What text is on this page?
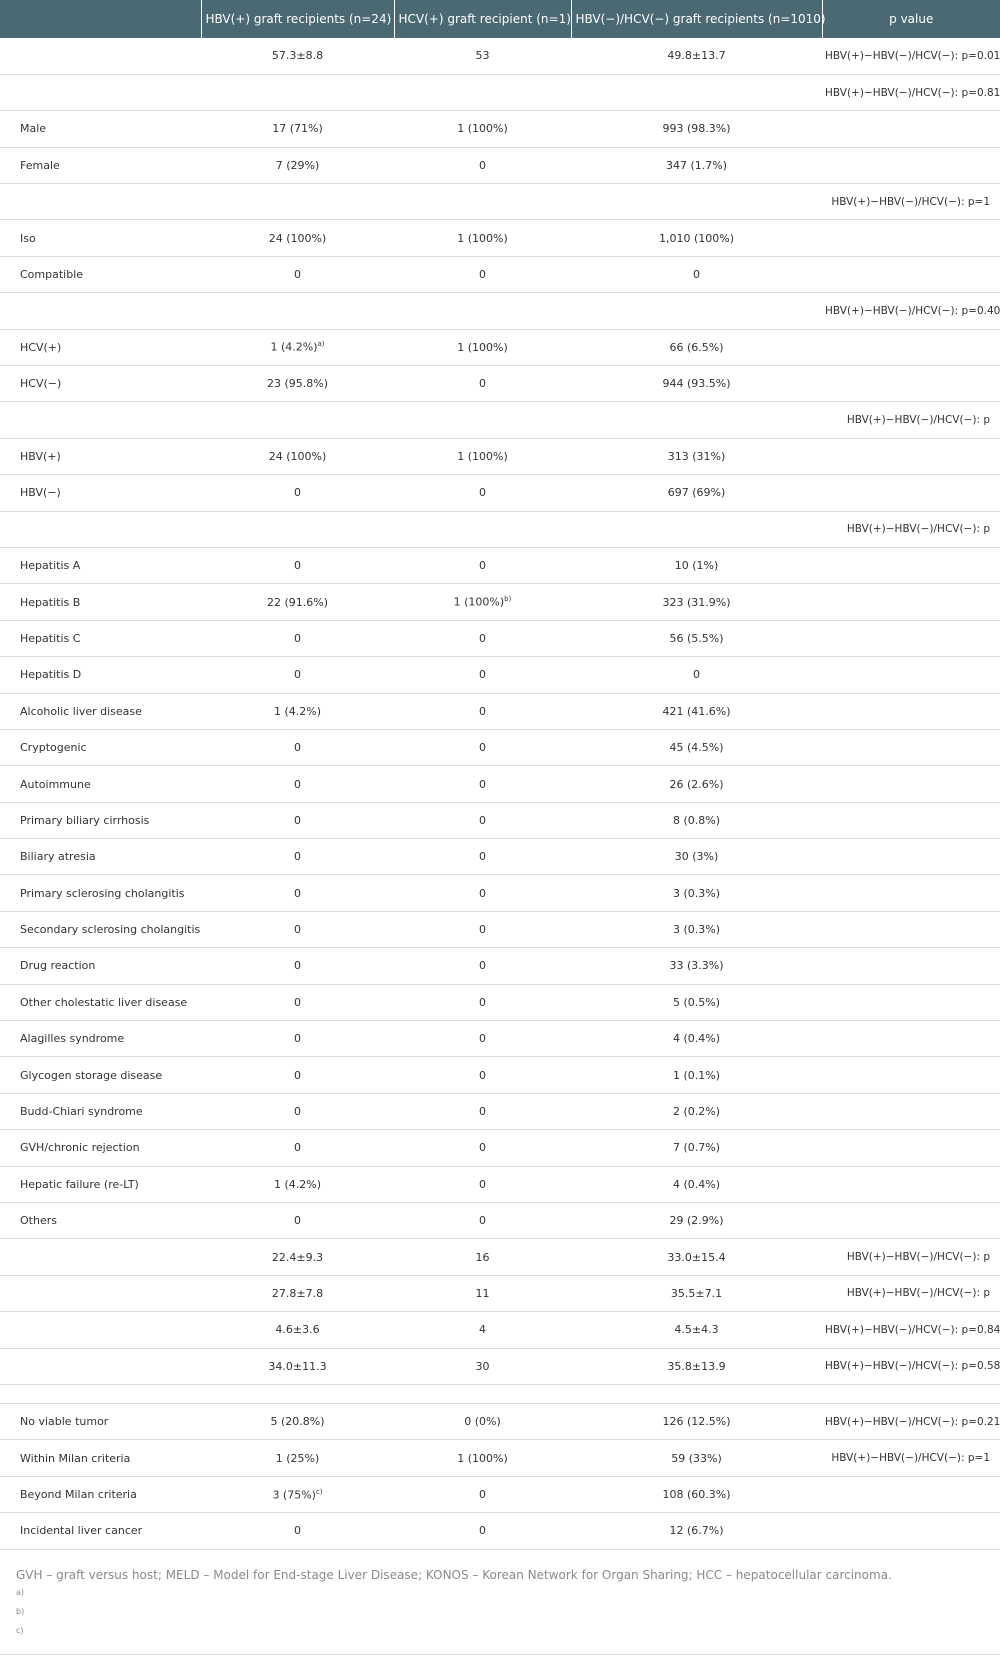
	HBV(+) graft recipients (n=24)	HCV(+) graft recipient (n=1)	HBV(−)/HCV(−) graft recipients (n=1010)	p value
	57.3±8.8	53	49.8±13.7	HBV(+)−HBV(−)/HCV(−): p=0.01
				HBV(+)−HBV(−)/HCV(−): p=0.81
Male	17 (71%)	1 (100%)	993 (98.3%)	
Female	7 (29%)	0	347 (1.7%)	
				HBV(+)−HBV(−)/HCV(−): p=1
Iso	24 (100%)	1 (100%)	1,010 (100%)	
Compatible	0	0	0	
				HBV(+)−HBV(−)/HCV(−): p=0.40
HCV(+)	1 $(4.2\%)^{a)}$	1 (100%)	66 (6.5%)	
HCV(−)	23 (95.8%)	0	944 (93.5%)	
				HBV(+)−HBV(−)/HCV(−): p
HBV(+)	24 (100%)	1 (100%)	313 (31%)	
HBV(−)	0	0	697 (69%)	
				HBV(+)−HBV(−)/HCV(−): p
Hepatitis A	0	0	10 (1%)	
Hepatitis B	22 (91.6%)	1 $(100\%)^{b)}$	323 (31.9%)	
Hepatitis C	0	0	56 (5.5%)	
Hepatitis D	0	0	0	
Alcoholic liver disease	1 (4.2%)	0	421 (41.6%)	
Cryptogenic	0	0	45 (4.5%)	
Autoimmune	0	0	26 (2.6%)	
Primary biliary cirrhosis	0	0	8 (0.8%)	
Biliary atresia	0	0	30 (3%)	
Primary sclerosing cholangitis	0	0	3 (0.3%)	
Secondary sclerosing cholangitis	0	0	3 (0.3%)	
Drug reaction	0	0	33 (3.3%)	
Other cholestatic liver disease	0	0	5 (0.5%)	
Alagilles syndrome	0	0	4 (0.4%)	
Glycogen storage disease	0	0	1 (0.1%)	
Budd-Chiari syndrome	0	0	2 (0.2%)	
GVH/chronic rejection	0	0	7 (0.7%)	
Hepatic failure (re-LT)	1 (4.2%)	0	4 (0.4%)	
Others	0	0	29 (2.9%)	
	22.4±9.3	16	33.0±15.4	HBV(+)−HBV(−)/HCV(−): p
	27.8±7.8	11	35.5±7.1	HBV(+)−HBV(−)/HCV(−): p
	4.6±3.6	4	4.5±4.3	HBV(+)−HBV(−)/HCV(−): p=0.84
	34.0±11.3	30	35.8±13.9	HBV(+)−HBV(−)/HCV(−): p=0.58

No viable tumor	5 (20.8%)	0 (0%)	126 (12.5%)	HBV(+)−HBV(−)/HCV(−): p=0.21
Within Milan criteria	1 (25%)	1 (100%)	59 (33%)	HBV(+)−HBV(−)/HCV(−): p=1
Beyond Milan criteria	3 $(75\%)^{c)}$	0	108 (60.3%)	
Incidental liver cancer	0	0	12 (6.7%)	
GVH – graft versus host; MELD – Model for End-stage Liver Disease; KONOS – Korean Network for Organ Sharing; HCC – hepatocellular carcinoma.
a)
b)
c)
